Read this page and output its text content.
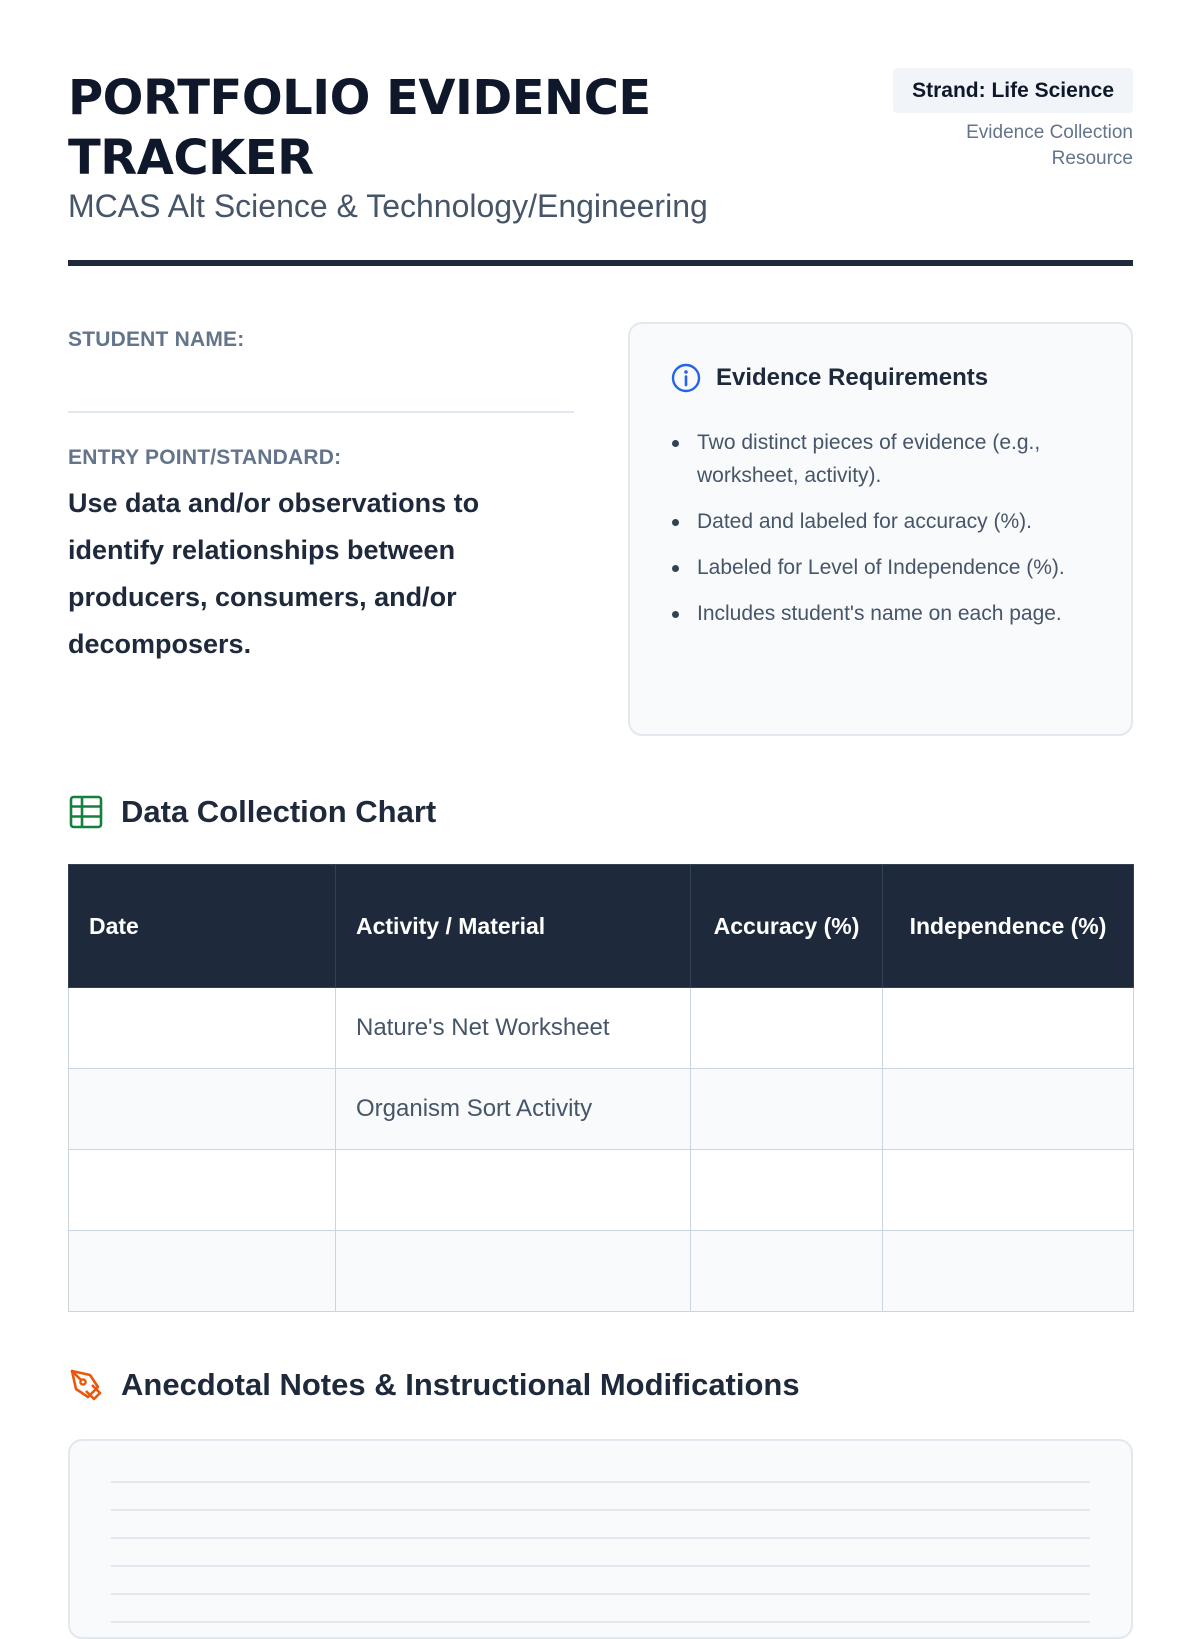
PORTFOLIO EVIDENCE TRACKER
MCAS Alt Science & Technology/Engineering
Strand: Life Science
Evidence Collection Resource
STUDENT NAME:
ENTRY POINT/STANDARD:
Use data and/or observations to identify relationships between producers, consumers, and/or decomposers.
Evidence Requirements
Two distinct pieces of evidence (e.g., worksheet, activity).
Dated and labeled for accuracy (%).
Labeled for Level of Independence (%).
Includes student's name on each page.
Data Collection Chart
Date	Activity / Material	Accuracy (%)	Independence (%)
	Nature's Net Worksheet		
	Organism Sort Activity		

Anecdotal Notes & Instructional Modifications
